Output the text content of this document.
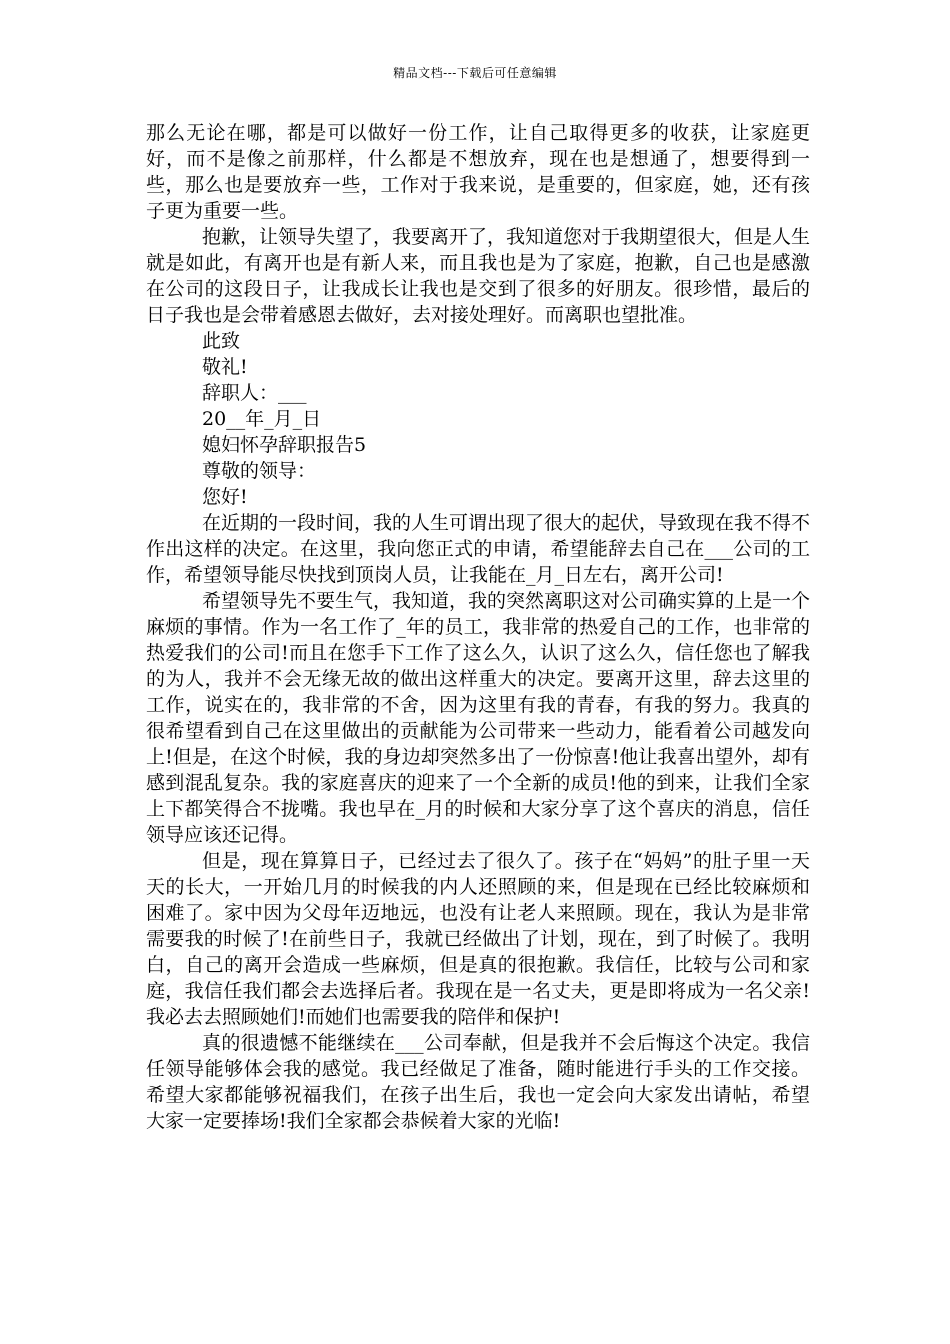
精品文档---下载后可任意编辑

那么无论在哪，都是可以做好一份工作，让自己取得更多的收获，让家庭更好，而不是像之前那样，什么都是不想放弃，现在也是想通了，想要得到一些，那么也是要放弃一些，工作对于我来说，是重要的，但家庭，她，还有孩子更为重要一些。

抱歉，让领导失望了，我要离开了，我知道您对于我期望很大，但是人生就是如此，有离开也是有新人来，而且我也是为了家庭，抱歉，自己也是感激在公司的这段日子，让我成长让我也是交到了很多的好朋友。很珍惜，最后的日子我也是会带着感恩去做好，去对接处理好。而离职也望批准。

此致

敬礼!

辞职人：___

20__年_月_日

媳妇怀孕辞职报告5

尊敬的领导：

您好!

在近期的一段时间，我的人生可谓出现了很大的起伏，导致现在我不得不作出这样的决定。在这里，我向您正式的申请，希望能辞去自己在___公司的工作，希望领导能尽快找到顶岗人员，让我能在_月_日左右，离开公司!

希望领导先不要生气，我知道，我的突然离职这对公司确实算的上是一个麻烦的事情。作为一名工作了_年的员工，我非常的热爱自己的工作，也非常的热爱我们的公司!而且在您手下工作了这么久，认识了这么久，信任您也了解我的为人，我并不会无缘无故的做出这样重大的决定。要离开这里，辞去这里的工作，说实在的，我非常的不舍，因为这里有我的青春，有我的努力。我真的很希望看到自己在这里做出的贡献能为公司带来一些动力，能看着公司越发向上!但是，在这个时候，我的身边却突然多出了一份惊喜!他让我喜出望外，却有感到混乱复杂。我的家庭喜庆的迎来了一个全新的成员!他的到来，让我们全家上下都笑得合不拢嘴。我也早在_月的时候和大家分享了这个喜庆的消息，信任领导应该还记得。

但是，现在算算日子，已经过去了很久了。孩子在“妈妈”的肚子里一天天的长大，一开始几月的时候我的内人还照顾的来，但是现在已经比较麻烦和困难了。家中因为父母年迈地远，也没有让老人来照顾。现在，我认为是非常需要我的时候了!在前些日子，我就已经做出了计划，现在，到了时候了。我明白，自己的离开会造成一些麻烦，但是真的很抱歉。我信任，比较与公司和家庭，我信任我们都会去选择后者。我现在是一名丈夫，更是即将成为一名父亲!我必去去照顾她们!而她们也需要我的陪伴和保护!

真的很遗憾不能继续在___公司奉献，但是我并不会后悔这个决定。我信任领导能够体会我的感觉。我已经做足了准备，随时能进行手头的工作交接。希望大家都能够祝福我们，在孩子出生后，我也一定会向大家发出请帖，希望大家一定要捧场!我们全家都会恭候着大家的光临!
